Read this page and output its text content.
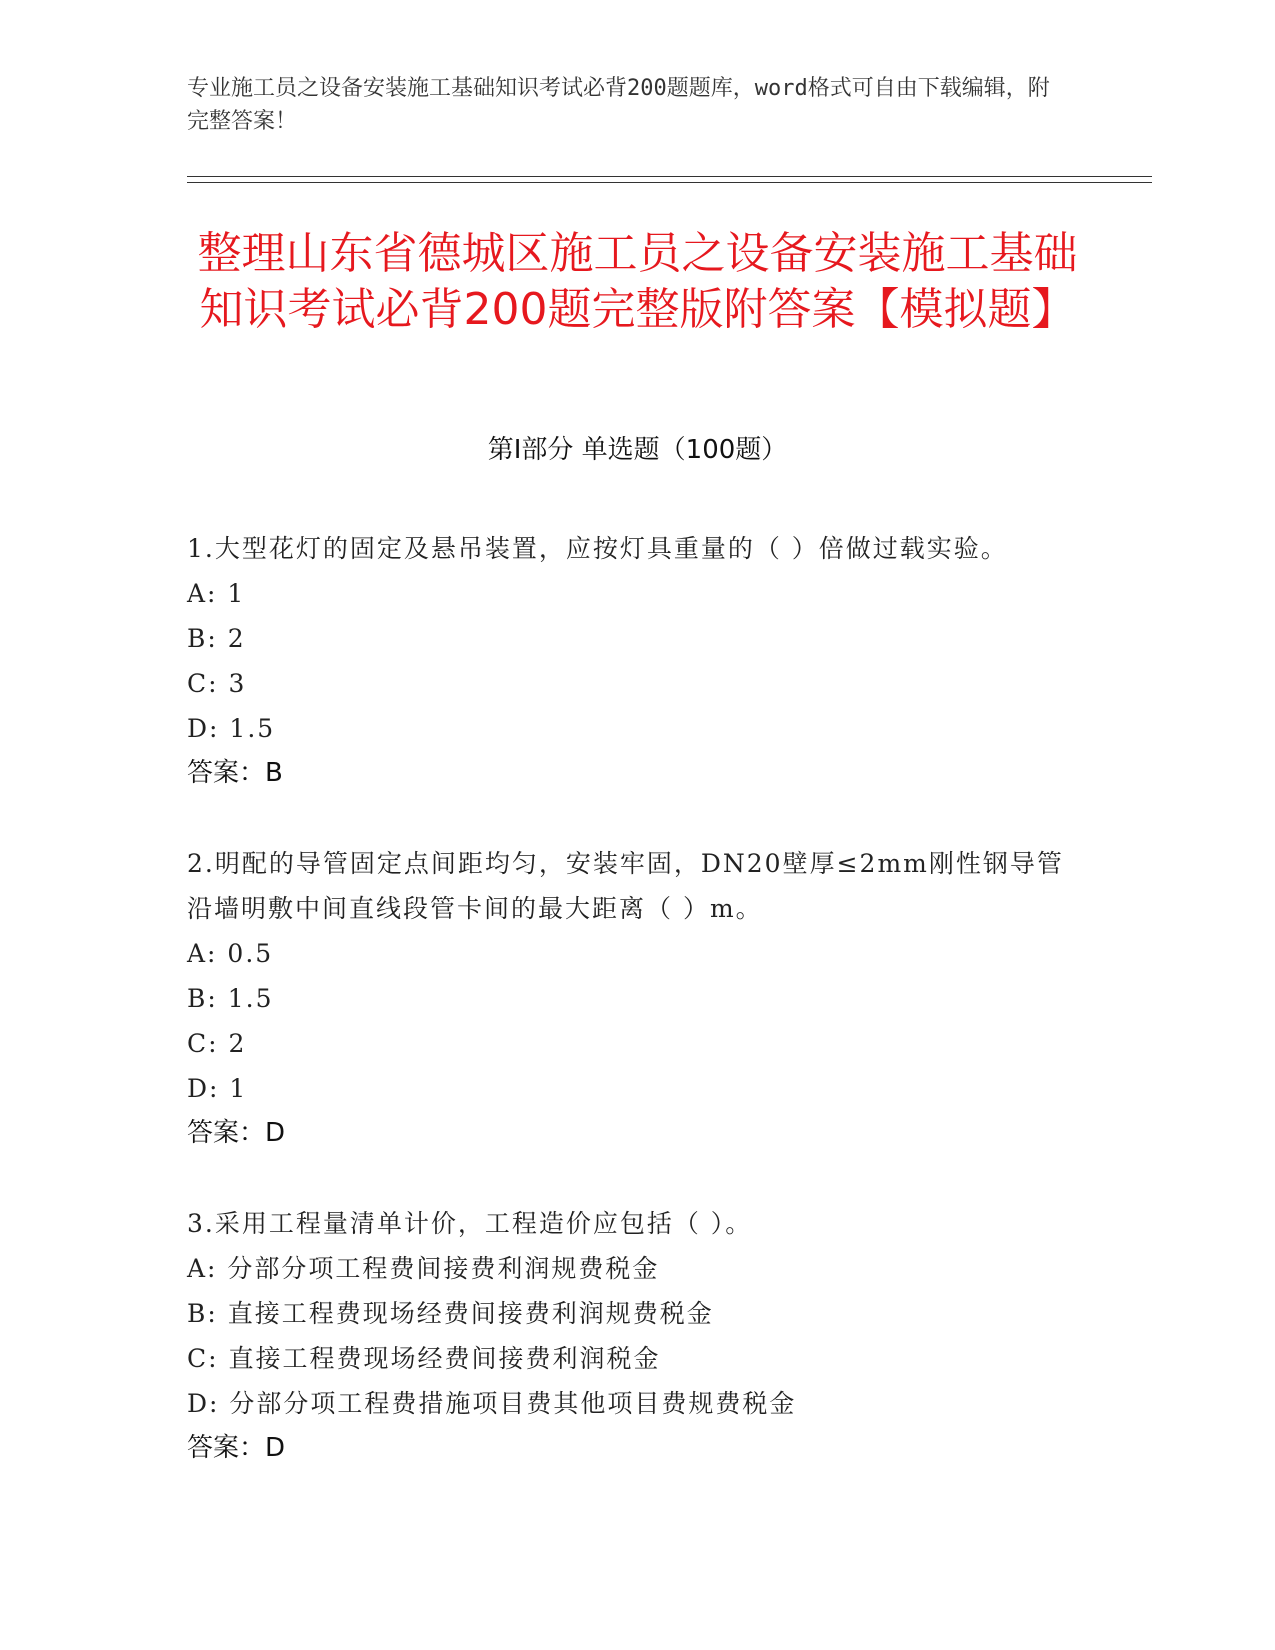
专业施工员之设备安装施工基础知识考试必背200题题库，word格式可自由下载编辑，附完整答案！
整理山东省德城区施工员之设备安装施工基础知识考试必背200题完整版附答案【模拟题】
第Ⅰ部分 单选题（100题）
1.大型花灯的固定及悬吊装置，应按灯具重量的（ ）倍做过载实验。
A: 1
B: 2
C: 3
D: 1.5
答案：B
2.明配的导管固定点间距均匀，安装牢固，DN20壁厚≤2mm刚性钢导管沿墙明敷中间直线段管卡间的最大距离（ ）m。
A: 0.5
B: 1.5
C: 2
D: 1
答案：D
3.采用工程量清单计价，工程造价应包括（ ）。
A: 分部分项工程费间接费利润规费税金
B: 直接工程费现场经费间接费利润规费税金
C: 直接工程费现场经费间接费利润税金
D: 分部分项工程费措施项目费其他项目费规费税金
答案：D
